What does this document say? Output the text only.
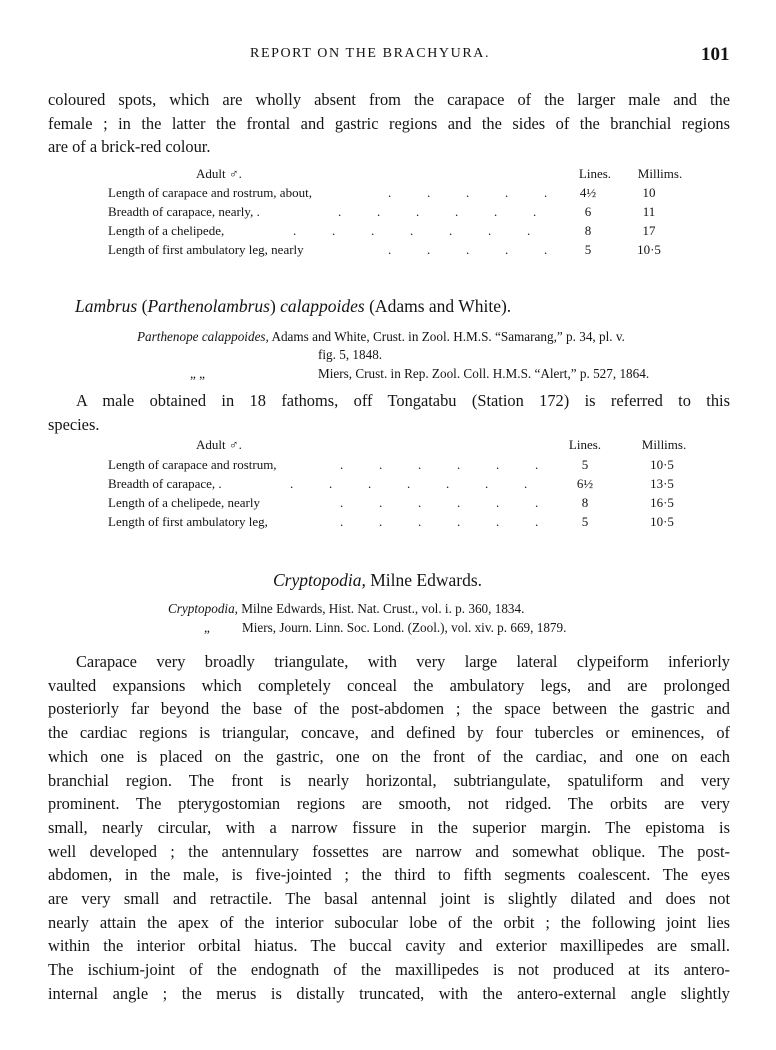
REPORT ON THE BRACHYURA.	101
coloured spots, which are wholly absent from the carapace of the larger male and the
female ; in the latter the frontal and gastric regions and the sides of the branchial regions
are of a brick-red colour.
Adult ♂.	Lines.	Millims.
Length of carapace and rostrum, about,	.           .           .           .           .	4½	10
Breadth of carapace, nearly, .	.           .           .           .           .           .	6	11
Length of a chelipede,	.           .           .           .           .           .           .	8	17
Length of first ambulatory leg, nearly	.           .           .           .           .	5	10·5
Lambrus (Parthenolambrus) calappoides (Adams and White).
Parthenope calappoides, Adams and White, Crust. in Zool. H.M.S. “Samarang,” p. 34, pl. v.
fig. 5, 1848.
„ „	Miers, Crust. in Rep. Zool. Coll. H.M.S. “Alert,” p. 527, 1864.
A male obtained in 18 fathoms, off Tongatabu (Station 172) is referred to this
species.
Adult ♂.	Lines.	Millims.
Length of carapace and rostrum,	.           .           .           .           .           .	5	10·5
Breadth of carapace, .	.           .           .           .           .           .           .	6½	13·5
Length of a chelipede, nearly	.           .           .           .           .           .	8	16·5
Length of first ambulatory leg,	.           .           .           .           .           .	5	10·5
Cryptopodia, Milne Edwards.
Cryptopodia, Milne Edwards, Hist. Nat. Crust., vol. i. p. 360, 1834.
„ Miers, Journ. Linn. Soc. Lond. (Zool.), vol. xiv. p. 669, 1879.
Carapace very broadly triangulate, with very large lateral clypeiform inferiorly
vaulted expansions which completely conceal the ambulatory legs, and are prolonged
posteriorly far beyond the base of the post-abdomen ; the space between the gastric and
the cardiac regions is triangular, concave, and defined by four tubercles or eminences, of
which one is placed on the gastric, one on the front of the cardiac, and one on each
branchial region. The front is nearly horizontal, subtriangulate, spatuliform and very
prominent. The pterygostomian regions are smooth, not ridged. The orbits are very
small, nearly circular, with a narrow fissure in the superior margin. The epistoma is
well developed ; the antennulary fossettes are narrow and somewhat oblique. The post-
abdomen, in the male, is five-jointed ; the third to fifth segments coalescent. The eyes
are very small and retractile. The basal antennal joint is slightly dilated and does not
nearly attain the apex of the interior subocular lobe of the orbit ; the following joint lies
within the interior orbital hiatus. The buccal cavity and exterior maxillipedes are small.
The ischium-joint of the endognath of the maxillipedes is not produced at its antero-
internal angle ; the merus is distally truncated, with the antero-external angle slightly
